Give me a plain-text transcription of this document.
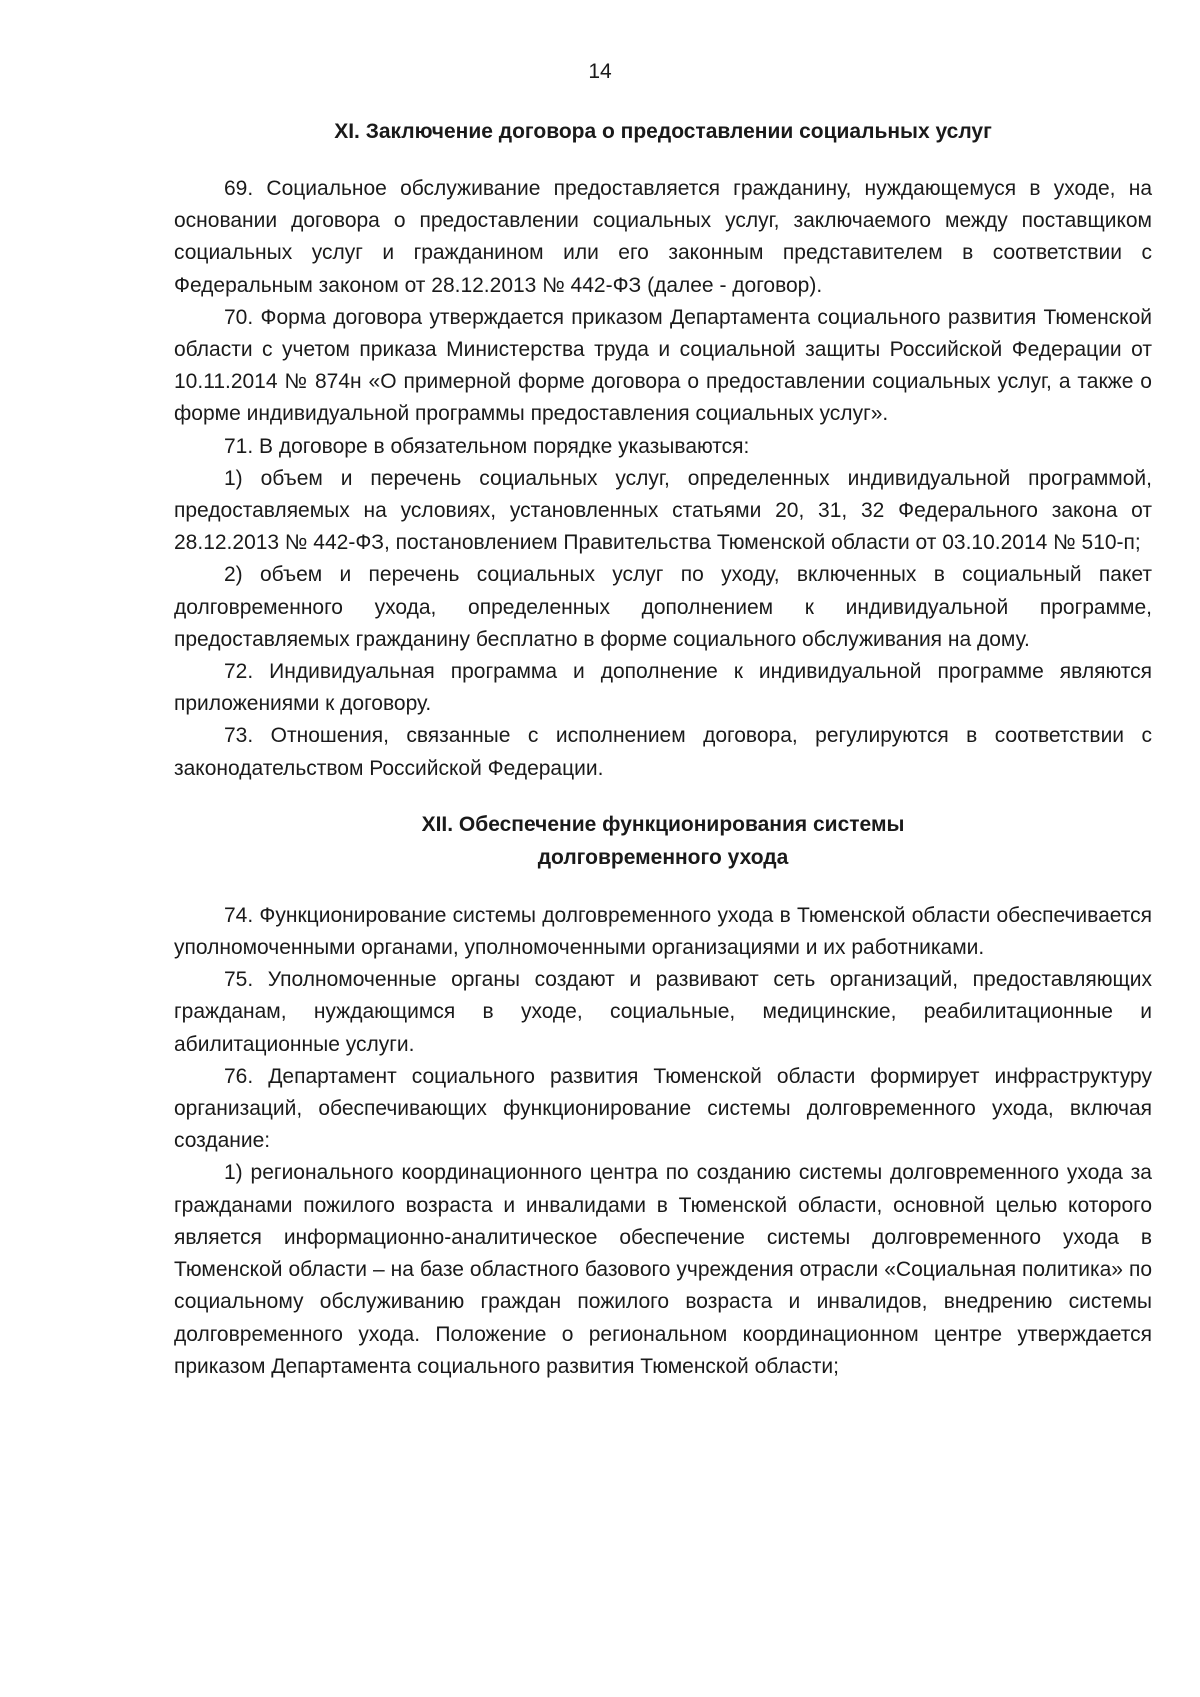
14
XI. Заключение договора о предоставлении социальных услуг

69. Социальное обслуживание предоставляется гражданину, нуждающемуся в уходе, на основании договора о предоставлении социальных услуг, заключаемого между поставщиком социальных услуг и гражданином или его законным представителем в соответствии с Федеральным законом от 28.12.2013 № 442-ФЗ (далее - договор).

70. Форма договора утверждается приказом Департамента социального развития Тюменской области с учетом приказа Министерства труда и социальной защиты Российской Федерации от 10.11.2014 № 874н «О примерной форме договора о предоставлении социальных услуг, а также о форме индивидуальной программы предоставления социальных услуг».

71. В договоре в обязательном порядке указываются:

1) объем и перечень социальных услуг, определенных индивидуальной программой, предоставляемых на условиях, установленных статьями 20, 31, 32 Федерального закона от 28.12.2013 № 442-ФЗ, постановлением Правительства Тюменской области от 03.10.2014 № 510-п;

2) объем и перечень социальных услуг по уходу, включенных в социальный пакет долговременного ухода, определенных дополнением к индивидуальной программе, предоставляемых гражданину бесплатно в форме социального обслуживания на дому.

72. Индивидуальная программа и дополнение к индивидуальной программе являются приложениями к договору.

73. Отношения, связанные с исполнением договора, регулируются в соответствии с законодательством Российской Федерации.

XII. Обеспечение функционирования системы
долговременного ухода

74. Функционирование системы долговременного ухода в Тюменской области обеспечивается уполномоченными органами, уполномоченными организациями и их работниками.

75. Уполномоченные органы создают и развивают сеть организаций, предоставляющих гражданам, нуждающимся в уходе, социальные, медицинские, реабилитационные и абилитационные услуги.

76. Департамент социального развития Тюменской области формирует инфраструктуру организаций, обеспечивающих функционирование системы долговременного ухода, включая создание:

1) регионального координационного центра по созданию системы долговременного ухода за гражданами пожилого возраста и инвалидами в Тюменской области, основной целью которого является информационно-аналитическое обеспечение системы долговременного ухода в Тюменской области – на базе областного базового учреждения отрасли «Социальная политика» по социальному обслуживанию граждан пожилого возраста и инвалидов, внедрению системы долговременного ухода. Положение о региональном координационном центре утверждается приказом Департамента социального развития Тюменской области;
